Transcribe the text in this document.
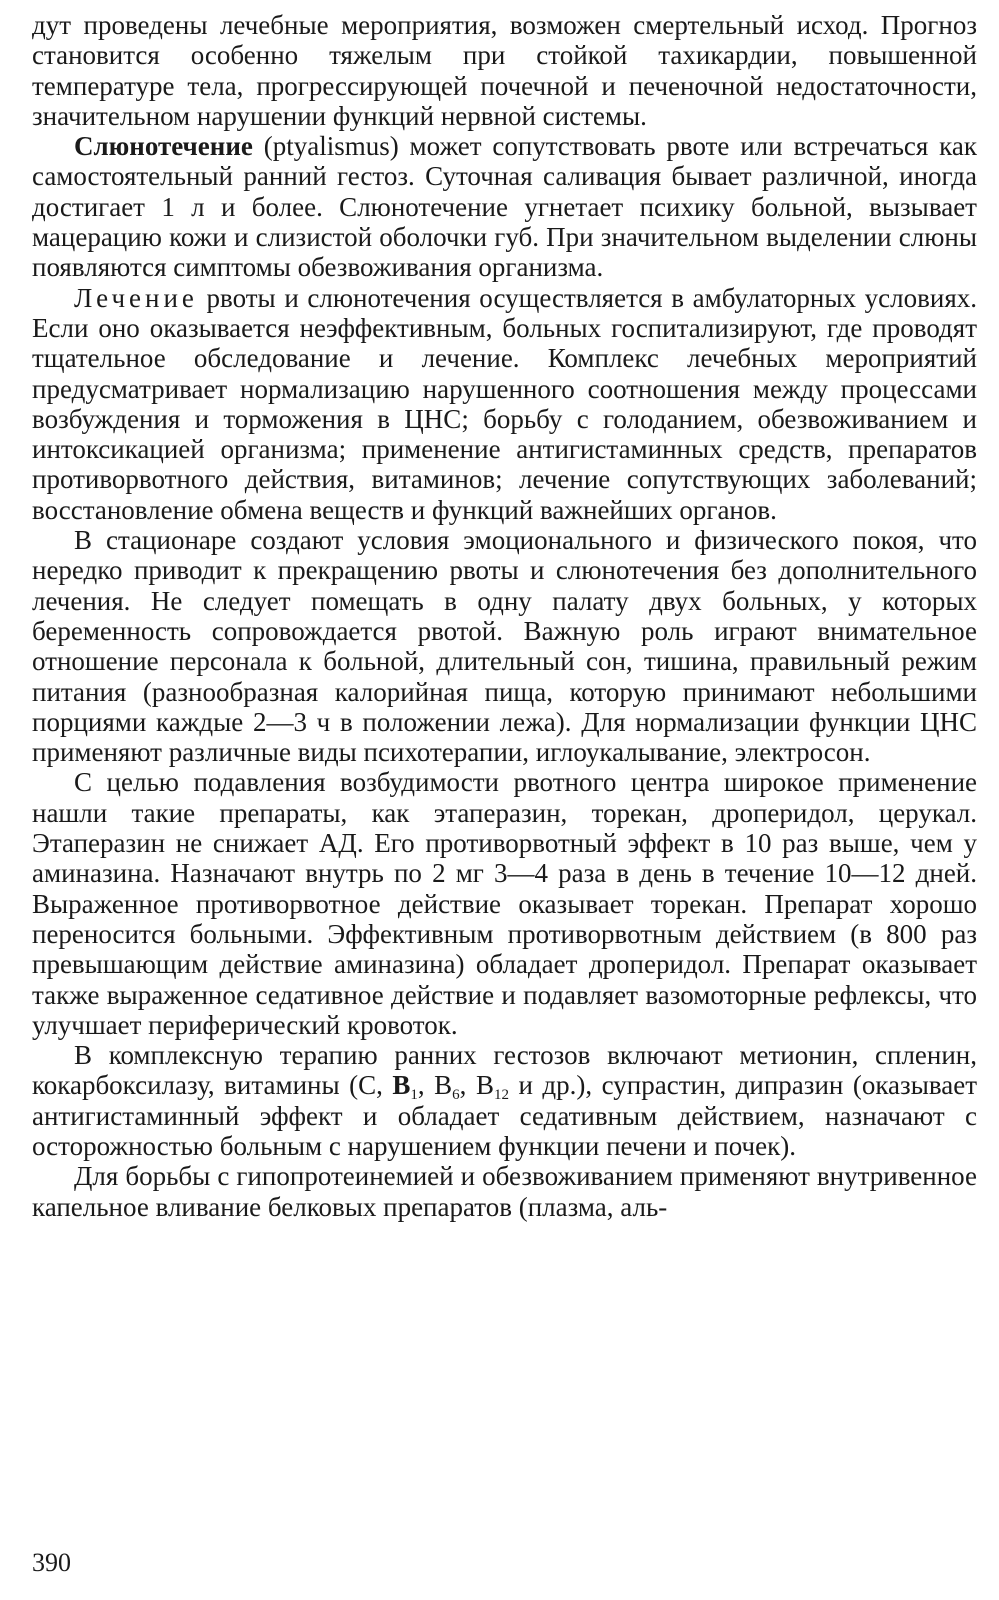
дут проведены лечебные мероприятия, возможен смертельный исход. Прогноз становится особенно тяжелым при стойкой тахикардии, повышенной температуре тела, прогрессирующей почечной и печеночной недостаточности, значительном нарушении функций нервной системы.

Слюнотечение (ptyalismus) может сопутствовать рвоте или встречаться как самостоятельный ранний гестоз. Суточная саливация бывает различной, иногда достигает 1 л и более. Слюнотечение угнетает психику больной, вызывает мацерацию кожи и слизистой оболочки губ. При значительном выделении слюны появляются симптомы обезвоживания организма.

Лечение рвоты и слюнотечения осуществляется в амбулаторных условиях. Если оно оказывается неэффективным, больных госпитализируют, где проводят тщательное обследование и лечение. Комплекс лечебных мероприятий предусматривает нормализацию нарушенного соотношения между процессами возбуждения и торможения в ЦНС; борьбу с голоданием, обезвоживанием и интоксикацией организма; применение антигистаминных средств, препаратов противорвотного действия, витаминов; лечение сопутствующих заболеваний; восстановление обмена веществ и функций важнейших органов.

В стационаре создают условия эмоционального и физического покоя, что нередко приводит к прекращению рвоты и слюнотечения без дополнительного лечения. Не следует помещать в одну палату двух больных, у которых беременность сопровождается рвотой. Важную роль играют внимательное отношение персонала к больной, длительный сон, тишина, правильный режим питания (разнообразная калорийная пища, которую принимают небольшими порциями каждые 2—3 ч в положении лежа). Для нормализации функции ЦНС применяют различные виды психотерапии, иглоукалывание, электросон.

С целью подавления возбудимости рвотного центра широкое применение нашли такие препараты, как этаперазин, торекан, дроперидол, церукал. Этаперазин не снижает АД. Его противорвотный эффект в 10 раз выше, чем у аминазина. Назначают внутрь по 2 мг 3—4 раза в день в течение 10—12 дней. Выраженное противорвотное действие оказывает торекан. Препарат хорошо переносится больными. Эффективным противорвотным действием (в 800 раз превышающим действие аминазина) обладает дроперидол. Препарат оказывает также выраженное седативное действие и подавляет вазомоторные рефлексы, что улучшает периферический кровоток.

В комплексную терапию ранних гестозов включают метионин, спленин, кокарбоксилазу, витамины (С, $B_1$, $B_6$, $B_{12}$ и др.), супрастин, дипразин (оказывает антигистаминный эффект и обладает седативным действием, назначают с осторожностью больным с нарушением функции печени и почек).

Для борьбы с гипопротеинемией и обезвоживанием применяют внутривенное капельное вливание белковых препаратов (плазма, аль-

390
